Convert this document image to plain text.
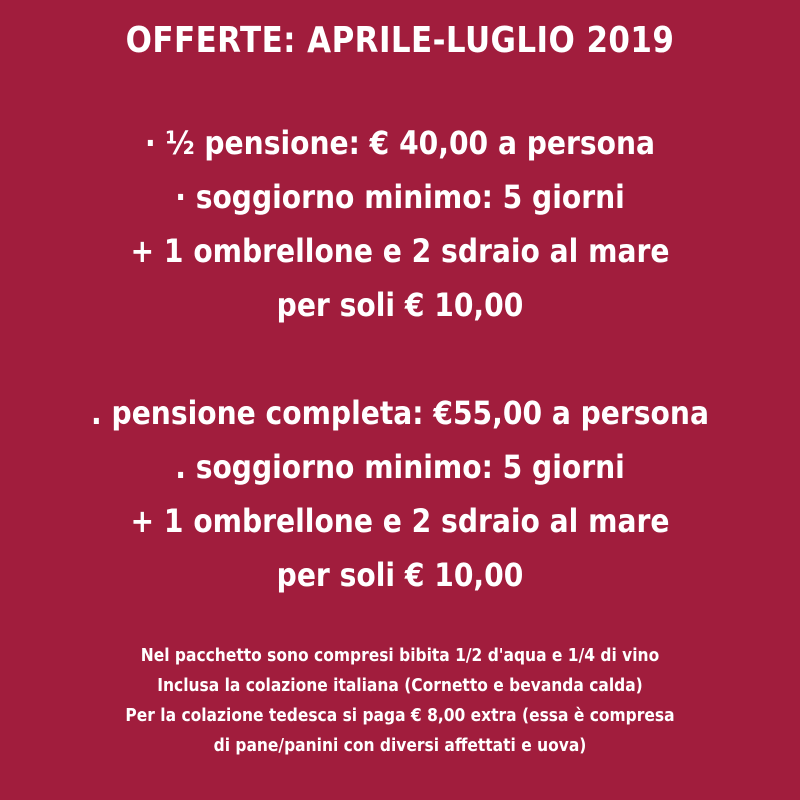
OFFERTE: APRILE-LUGLIO 2019
· ½ pensione: € 40,00 a persona
· soggiorno minimo: 5 giorni
+ 1 ombrellone e 2 sdraio al mare
per soli € 10,00
. pensione completa: €55,00 a persona
. soggiorno minimo: 5 giorni
+ 1 ombrellone e 2 sdraio al mare
per soli € 10,00
Nel pacchetto sono compresi bibita 1/2 d'aqua e 1/4 di vino
Inclusa la colazione italiana (Cornetto e bevanda calda)
Per la colazione tedesca si paga € 8,00 extra (essa è compresa
di pane/panini con diversi affettati e uova)
